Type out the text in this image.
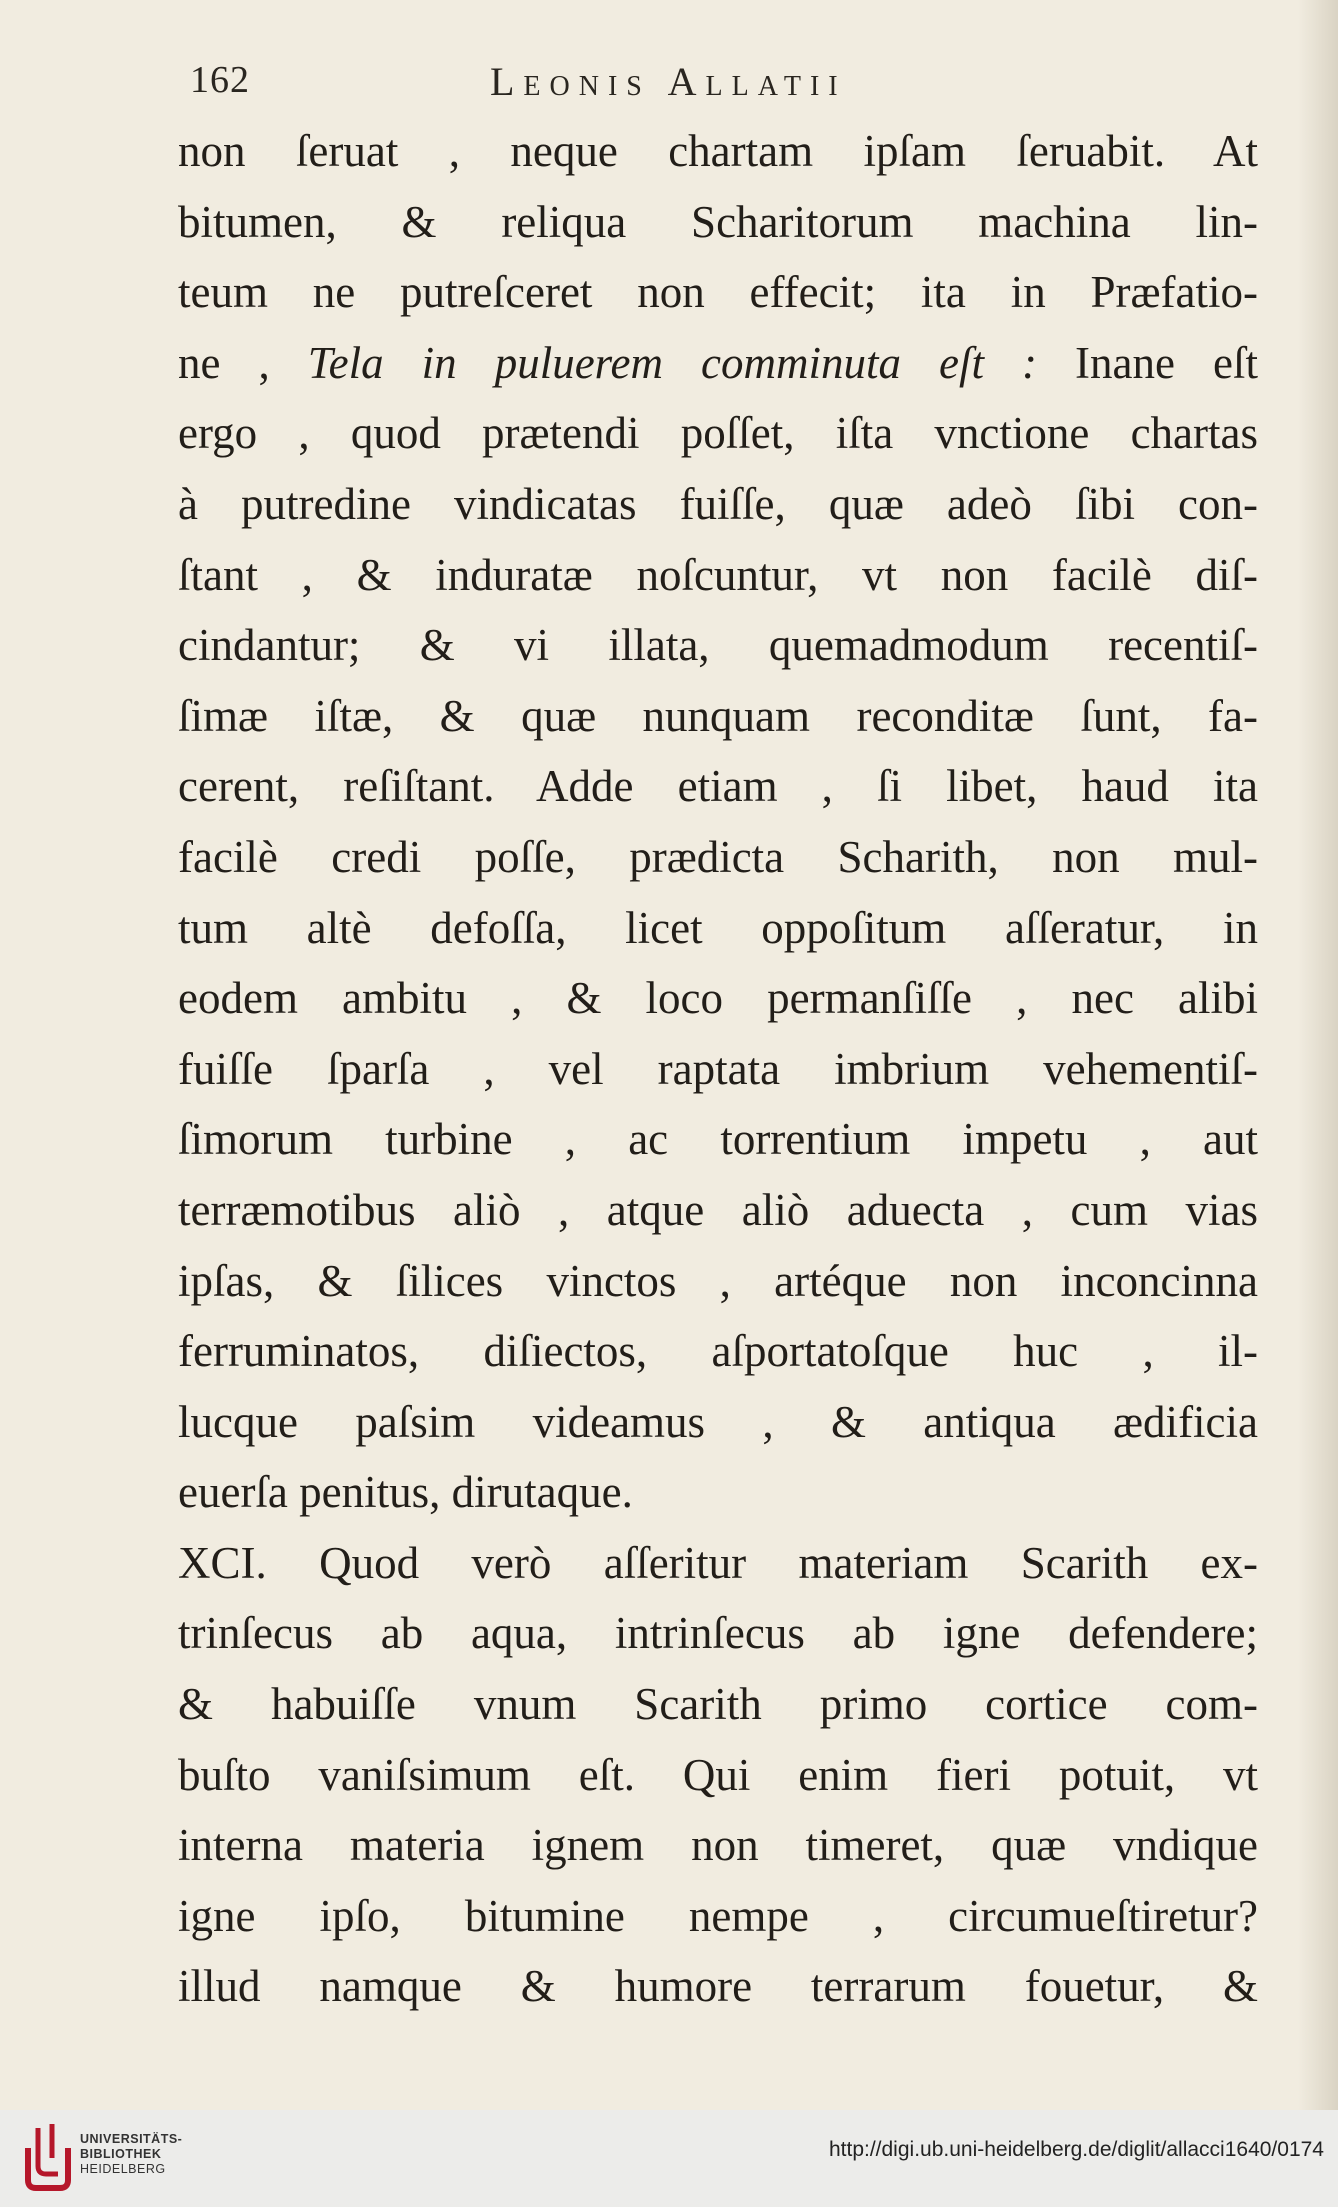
162	Leonis Allatii
non ſeruat , neque chartam ipſam ſeruabit. At
bitumen, & reliqua Scharitorum machina lin-
teum ne putreſceret non effecit; ita in Præfatio-
ne , Tela in puluerem comminuta eſt : Inane eſt
ergo , quod prætendi poſſet, iſta vnctione chartas
à putredine vindicatas fuiſſe, quæ adeò ſibi con-
ſtant , & induratæ noſcuntur, vt non facilè diſ-
cindantur; & vi illata, quemadmodum recentiſ-
ſimæ iſtæ, & quæ nunquam reconditæ ſunt, fa-
cerent, reſiſtant. Adde etiam , ſi libet, haud ita
facilè credi poſſe, prædicta Scharith, non mul-
tum altè defoſſa, licet oppoſitum aſſeratur, in
eodem ambitu , & loco permanſiſſe , nec alibi
fuiſſe ſparſa , vel raptata imbrium vehementiſ-
ſimorum turbine , ac torrentium impetu , aut
terræmotibus aliò , atque aliò aduecta , cum vias
ipſas, & ſilices vinctos , artéque non inconcinna
ferruminatos, diſiectos, aſportatoſque huc , il-
lucque paſsim videamus , & antiqua ædificia
euerſa penitus, dirutaque.
XCI. Quod verò aſſeritur materiam Scarith ex-
trinſecus ab aqua, intrinſecus ab igne defendere;
& habuiſſe vnum Scarith primo cortice com-
buſto vaniſsimum eſt. Qui enim fieri potuit, vt
interna materia ignem non timeret, quæ vndique
igne ipſo, bitumine nempe , circumueſtiretur?
illud namque & humore terrarum fouetur, &
UNIVERSITÄTS-
BIBLIOTHEK
HEIDELBERG
http://digi.ub.uni-heidelberg.de/diglit/allacci1640/0174
